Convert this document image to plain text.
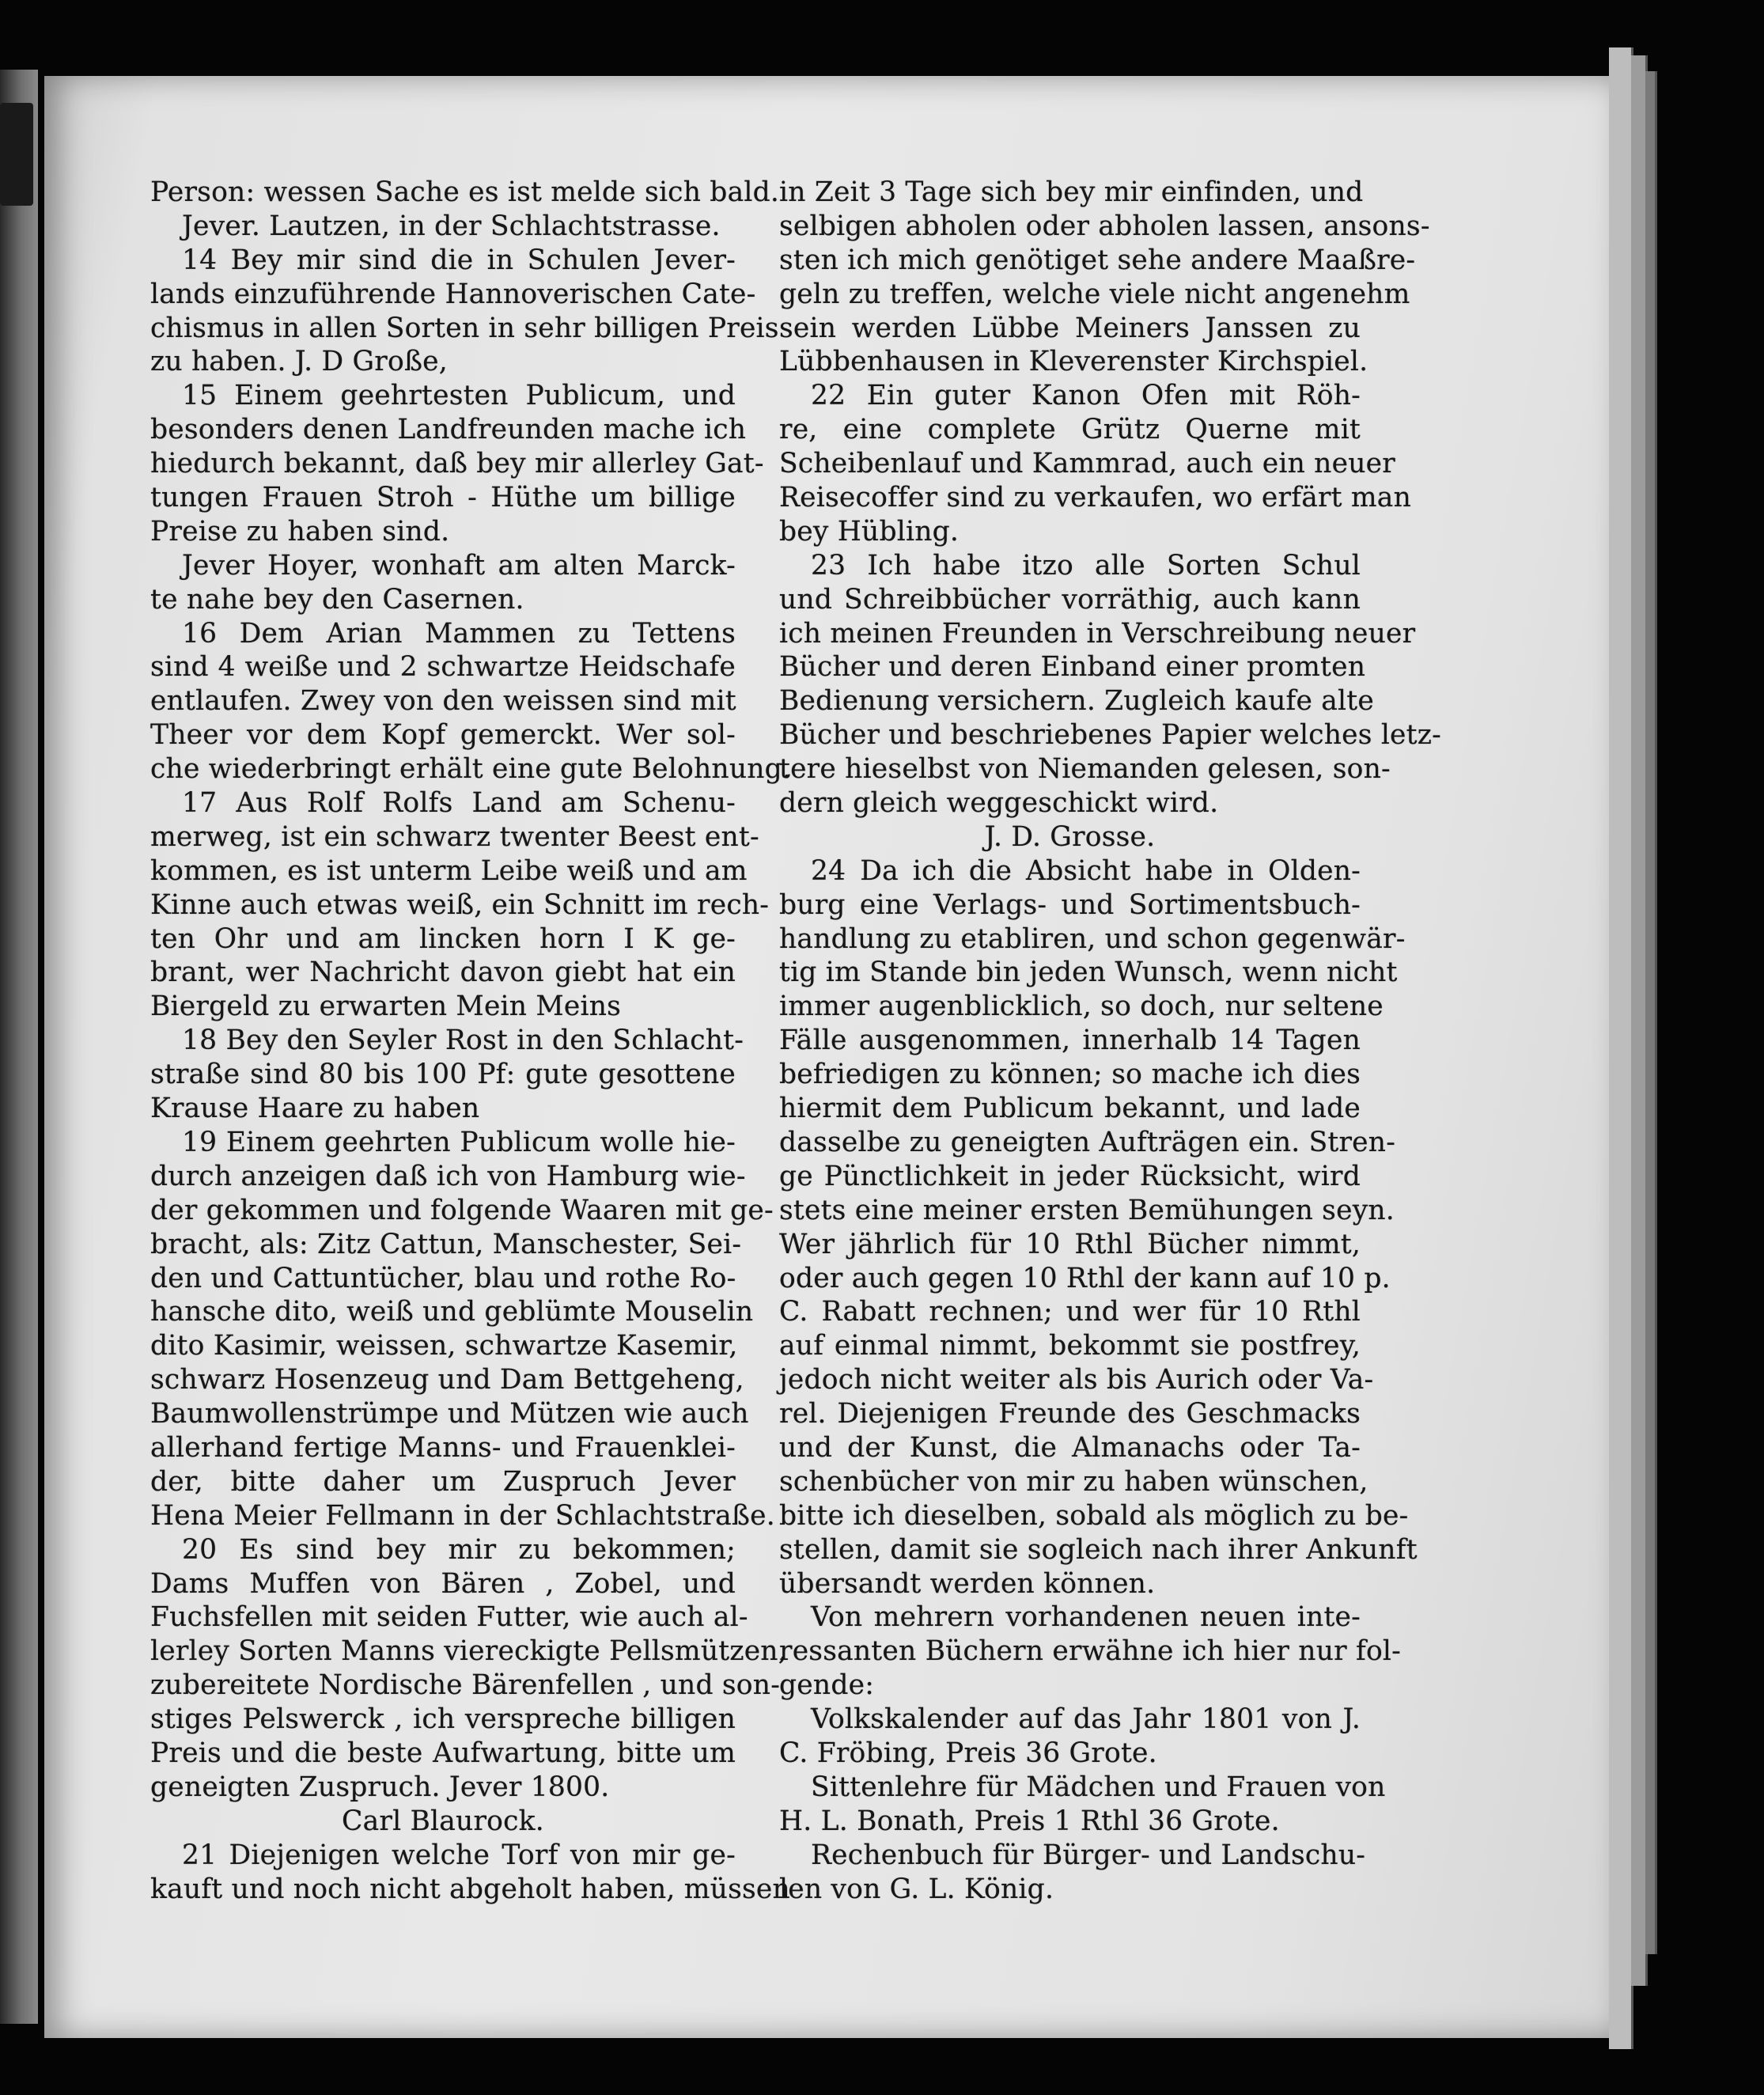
Person: wessen Sache es ist melde sich bald.
Jever. Lautzen, in der Schlachtstrasse.
14 Bey mir sind die in Schulen Jever-
lands einzuführende Hannoverischen Cate-
chismus in allen Sorten in sehr billigen Preis
zu haben. J. D Große,
15 Einem geehrtesten Publicum, und
besonders denen Landfreunden mache ich
hiedurch bekannt, daß bey mir allerley Gat-
tungen Frauen Stroh - Hüthe um billige
Preise zu haben sind.
Jever Hoyer, wonhaft am alten Marck-
te nahe bey den Casernen.
16 Dem Arian Mammen zu Tettens
sind 4 weiße und 2 schwartze Heidschafe
entlaufen. Zwey von den weissen sind mit
Theer vor dem Kopf gemerckt. Wer sol-
che wiederbringt erhält eine gute Belohnung.
17 Aus Rolf Rolfs Land am Schenu-
merweg, ist ein schwarz twenter Beest ent-
kommen, es ist unterm Leibe weiß und am
Kinne auch etwas weiß, ein Schnitt im rech-
ten Ohr und am lincken horn I K ge-
brant, wer Nachricht davon giebt hat ein
Biergeld zu erwarten Mein Meins
18 Bey den Seyler Rost in den Schlacht-
straße sind 80 bis 100 Pf: gute gesottene
Krause Haare zu haben
19 Einem geehrten Publicum wolle hie-
durch anzeigen daß ich von Hamburg wie-
der gekommen und folgende Waaren mit ge-
bracht, als: Zitz Cattun, Manschester, Sei-
den und Cattuntücher, blau und rothe Ro-
hansche dito, weiß und geblümte Mouselin
dito Kasimir, weissen, schwartze Kasemir,
schwarz Hosenzeug und Dam Bettgeheng,
Baumwollenstrümpe und Mützen wie auch
allerhand fertige Manns- und Frauenklei-
der, bitte daher um Zuspruch Jever
Hena Meier Fellmann in der Schlachtstraße.
20 Es sind bey mir zu bekommen;
Dams Muffen von Bären , Zobel, und
Fuchsfellen mit seiden Futter, wie auch al-
lerley Sorten Manns viereckigte Pellsmützen,
zubereitete Nordische Bärenfellen , und son-
stiges Pelswerck , ich verspreche billigen
Preis und die beste Aufwartung, bitte um
geneigten Zuspruch. Jever 1800.
Carl Blaurock.
21 Diejenigen welche Torf von mir ge-
kauft und noch nicht abgeholt haben, müssen
in Zeit 3 Tage sich bey mir einfinden, und
selbigen abholen oder abholen lassen, ansons-
sten ich mich genötiget sehe andere Maaßre-
geln zu treffen, welche viele nicht angenehm
sein werden Lübbe Meiners Janssen zu
Lübbenhausen in Kleverenster Kirchspiel.
22 Ein guter Kanon Ofen mit Röh-
re, eine complete Grütz Querne mit
Scheibenlauf und Kammrad, auch ein neuer
Reisecoffer sind zu verkaufen, wo erfärt man
bey Hübling.
23 Ich habe itzo alle Sorten Schul
und Schreibbücher vorräthig, auch kann
ich meinen Freunden in Verschreibung neuer
Bücher und deren Einband einer promten
Bedienung versichern. Zugleich kaufe alte
Bücher und beschriebenes Papier welches letz-
tere hieselbst von Niemanden gelesen, son-
dern gleich weggeschickt wird.
J. D. Grosse.
24 Da ich die Absicht habe in Olden-
burg eine Verlags- und Sortimentsbuch-
handlung zu etabliren, und schon gegenwär-
tig im Stande bin jeden Wunsch, wenn nicht
immer augenblicklich, so doch, nur seltene
Fälle ausgenommen, innerhalb 14 Tagen
befriedigen zu können; so mache ich dies
hiermit dem Publicum bekannt, und lade
dasselbe zu geneigten Aufträgen ein. Stren-
ge Pünctlichkeit in jeder Rücksicht, wird
stets eine meiner ersten Bemühungen seyn.
Wer jährlich für 10 Rthl Bücher nimmt,
oder auch gegen 10 Rthl der kann auf 10 p.
C. Rabatt rechnen; und wer für 10 Rthl
auf einmal nimmt, bekommt sie postfrey,
jedoch nicht weiter als bis Aurich oder Va-
rel. Diejenigen Freunde des Geschmacks
und der Kunst, die Almanachs oder Ta-
schenbücher von mir zu haben wünschen,
bitte ich dieselben, sobald als möglich zu be-
stellen, damit sie sogleich nach ihrer Ankunft
übersandt werden können.
Von mehrern vorhandenen neuen inte-
ressanten Büchern erwähne ich hier nur fol-
gende:
Volkskalender auf das Jahr 1801 von J.
C. Fröbing, Preis 36 Grote.
Sittenlehre für Mädchen und Frauen von
H. L. Bonath, Preis 1 Rthl 36 Grote.
Rechenbuch für Bürger- und Landschu-
len von G. L. König.
